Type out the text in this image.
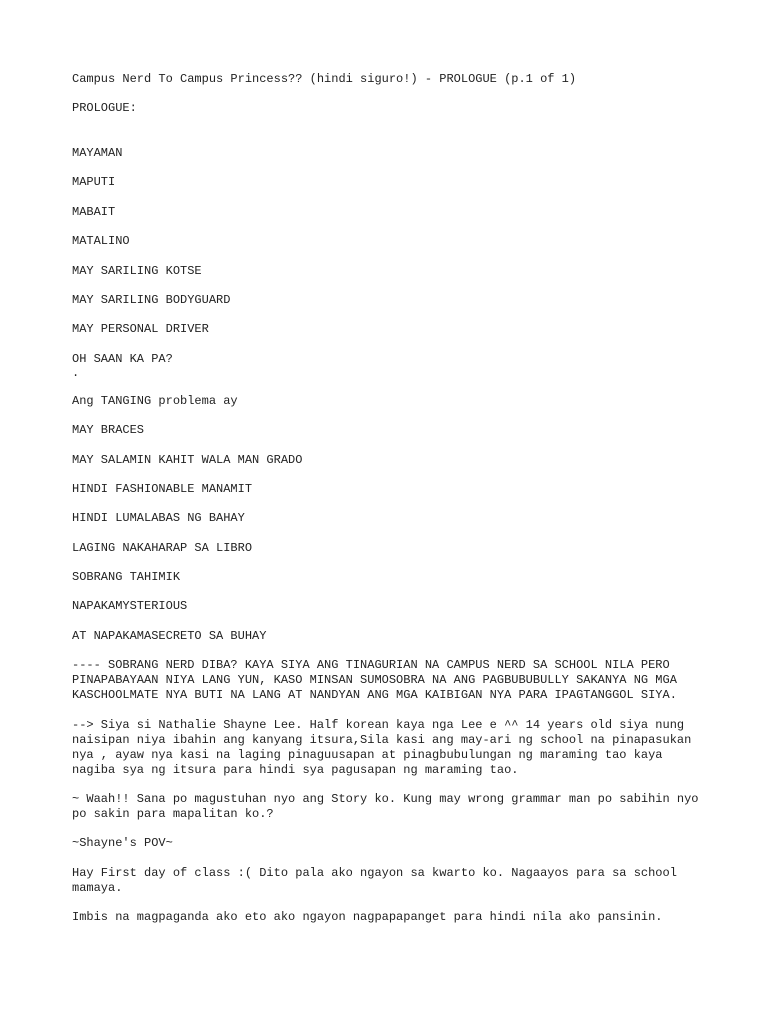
Campus Nerd To Campus Princess?? (hindi siguro!) - PROLOGUE (p.1 of 1)

PROLOGUE:

MAYAMAN

MAPUTI

MABAIT

MATALINO

MAY SARILING KOTSE

MAY SARILING BODYGUARD

MAY PERSONAL DRIVER

OH SAAN KA PA?

.

Ang TANGING problema ay

MAY BRACES

MAY SALAMIN KAHIT WALA MAN GRADO

HINDI FASHIONABLE MANAMIT

HINDI LUMALABAS NG BAHAY

LAGING NAKAHARAP SA LIBRO

SOBRANG TAHIMIK

NAPAKAMYSTERIOUS

AT NAPAKAMASECRETO SA BUHAY

---- SOBRANG NERD DIBA? KAYA SIYA ANG TINAGURIAN NA CAMPUS NERD SA SCHOOL NILA PERO PINAPABAYAAN NIYA LANG YUN, KASO MINSAN SUMOSOBRA NA ANG PAGBUBUBULLY SAKANYA NG MGA KASCHOOLMATE NYA BUTI NA LANG AT NANDYAN ANG MGA KAIBIGAN NYA PARA IPAGTANGGOL SIYA.

--> Siya si Nathalie Shayne Lee. Half korean kaya nga Lee e ^^ 14 years old siya nung naisipan niya ibahin ang kanyang itsura,Sila kasi ang may-ari ng school na pinapasukan nya , ayaw nya kasi na laging pinaguusapan at pinagbubulungan ng maraming tao kaya nagiba sya ng itsura para hindi sya pagusapan ng maraming tao.

~ Waah!! Sana po magustuhan nyo ang Story ko. Kung may wrong grammar man po sabihin nyo po sakin para mapalitan ko.?

~Shayne's POV~

Hay First day of class :( Dito pala ako ngayon sa kwarto ko. Nagaayos para sa school mamaya.

Imbis na magpaganda ako eto ako ngayon nagpapapanget para hindi nila ako pansinin.
